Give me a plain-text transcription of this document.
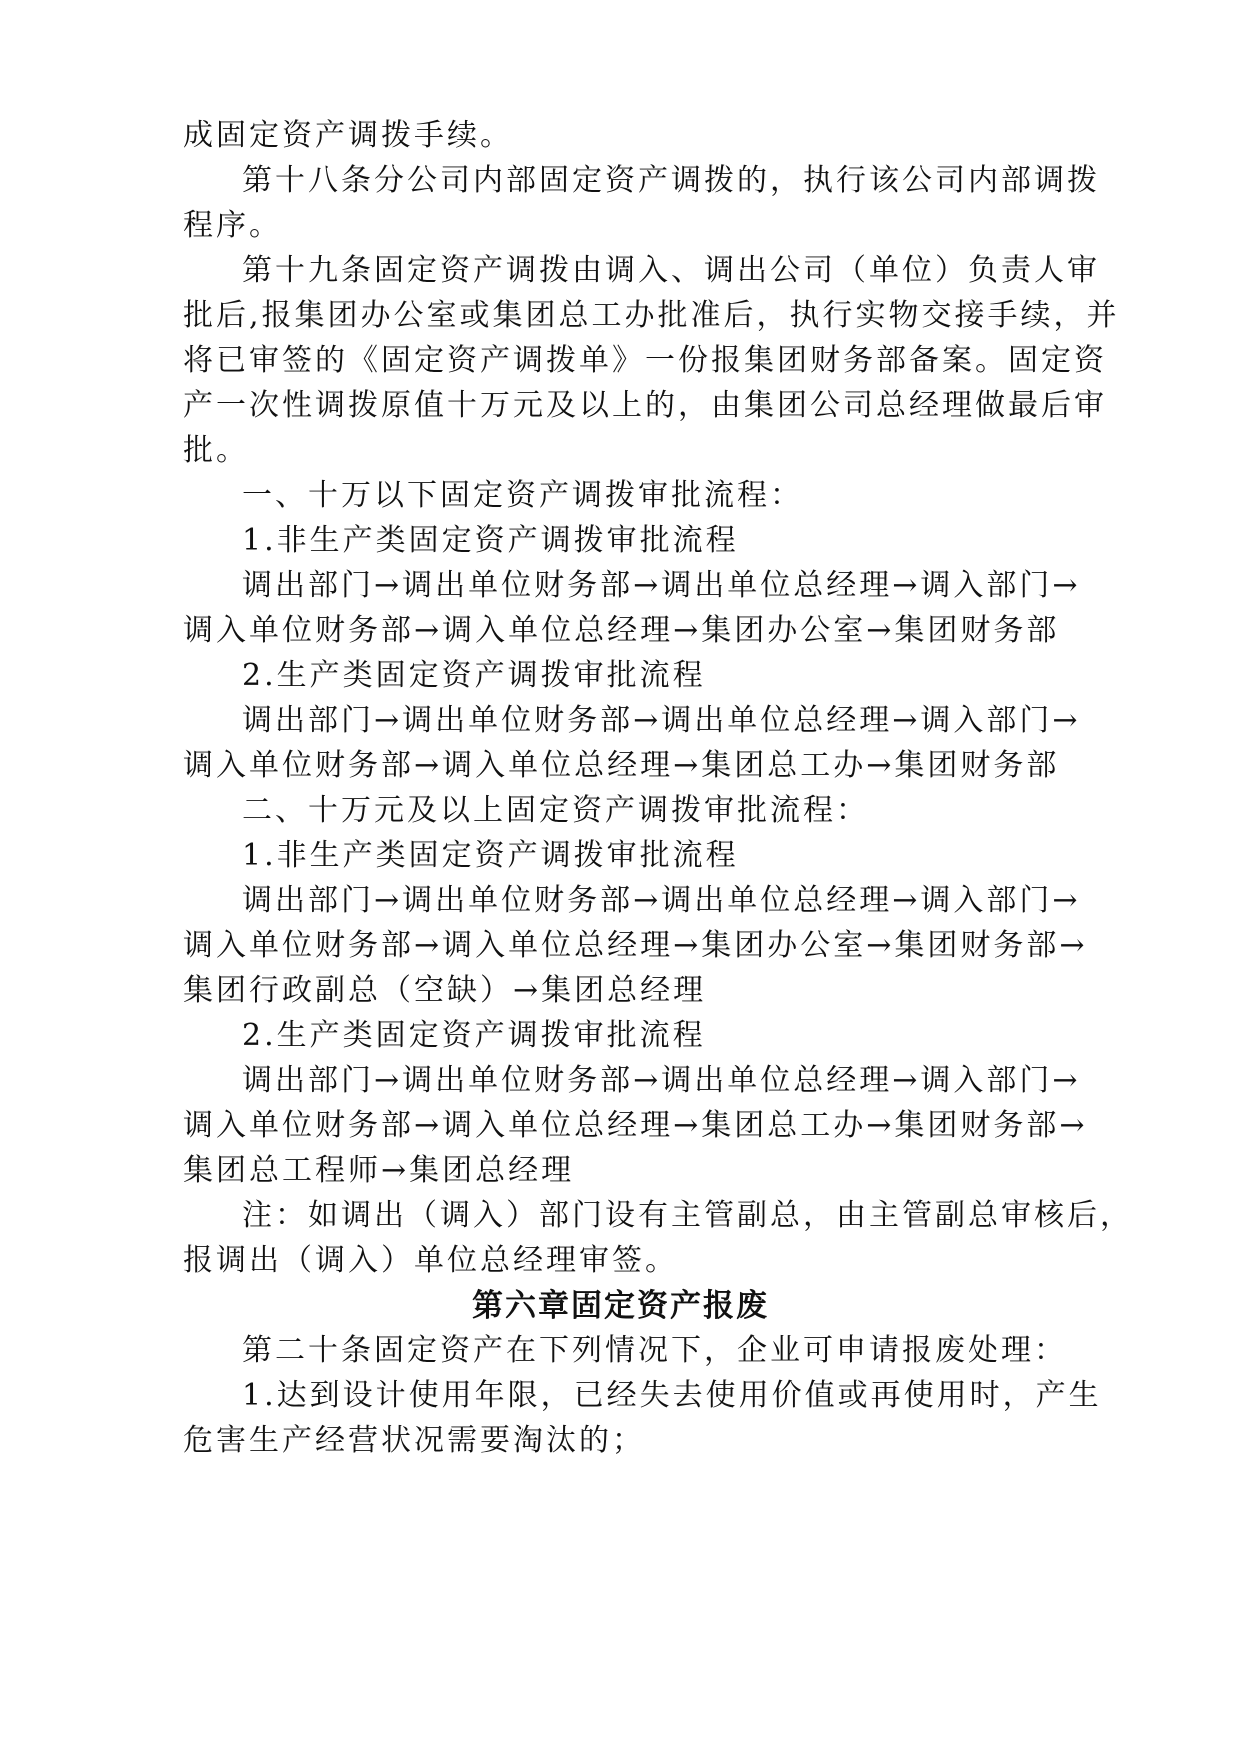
成固定资产调拨手续。
第十八条分公司内部固定资产调拨的，执行该公司内部调拨
程序。
第十九条固定资产调拨由调入、调出公司（单位）负责人审
批后,报集团办公室或集团总工办批准后，执行实物交接手续，并
将已审签的《固定资产调拨单》一份报集团财务部备案。固定资
产一次性调拨原值十万元及以上的，由集团公司总经理做最后审
批。
一、十万以下固定资产调拨审批流程：
1.非生产类固定资产调拨审批流程
调出部门→调出单位财务部→调出单位总经理→调入部门→
调入单位财务部→调入单位总经理→集团办公室→集团财务部
2.生产类固定资产调拨审批流程
调出部门→调出单位财务部→调出单位总经理→调入部门→
调入单位财务部→调入单位总经理→集团总工办→集团财务部
二、十万元及以上固定资产调拨审批流程：
1.非生产类固定资产调拨审批流程
调出部门→调出单位财务部→调出单位总经理→调入部门→
调入单位财务部→调入单位总经理→集团办公室→集团财务部→
集团行政副总（空缺）→集团总经理
2.生产类固定资产调拨审批流程
调出部门→调出单位财务部→调出单位总经理→调入部门→
调入单位财务部→调入单位总经理→集团总工办→集团财务部→
集团总工程师→集团总经理
注：如调出（调入）部门设有主管副总，由主管副总审核后，
报调出（调入）单位总经理审签。
第六章固定资产报废
第二十条固定资产在下列情况下，企业可申请报废处理：
1.达到设计使用年限，已经失去使用价值或再使用时，产生
危害生产经营状况需要淘汰的；
